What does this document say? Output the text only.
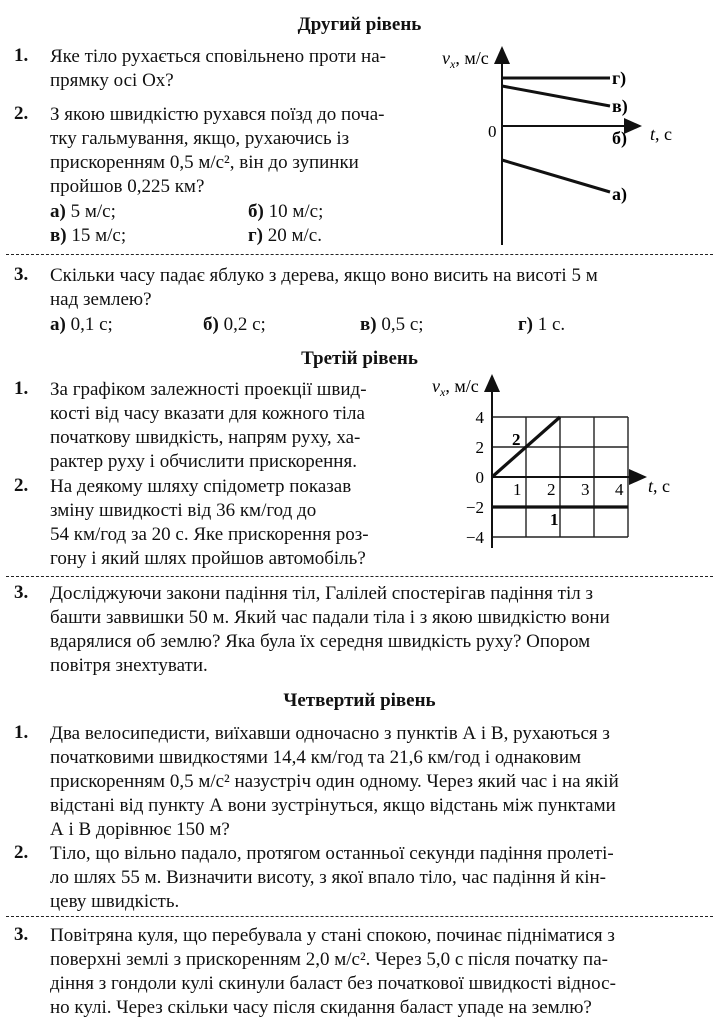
Другий рівень
1. Яке тіло рухається сповільнено проти на-
прямку осі Ox?
2. З якою швидкістю рухався поїзд до поча-
тку гальмування, якщо, рухаючись із
прискоренням 0,5 м/с², він до зупинки
пройшов 0,225 км?
а) 5 м/с;	б) 10 м/с;
в) 15 м/с;	г) 20 м/с.
$v_x$, м/с
0	t, с
г)
в)
б)
а)
3. Скільки часу падає яблуко з дерева, якщо воно висить на висоті 5 м
над землею?
а) 0,1 с;	б) 0,2 с;	в) 0,5 с;	г) 1 с.
Третій рівень
1. За графіком залежності проекції швид-
кості від часу вказати для кожного тіла
початкову швидкість, напрям руху, ха-
рактер руху і обчислити прискорення.
2. На деякому шляху спідометр показав
зміну швидкості від 36 км/год до
54 км/год за 20 с. Яке прискорення роз-
гону і який шлях пройшов автомобіль?
$v_x$, м/с
t, с
1 2 3 4
4
2
0
−2
−4
1
2
3. Досліджуючи закони падіння тіл, Галілей спостерігав падіння тіл з
башти заввишки 50 м. Який час падали тіла і з якою швидкістю вони
вдарялися об землю? Яка була їх середня швидкість руху? Опором
повітря знехтувати.
Четвертий рівень
1. Два велосипедисти, виїхавши одночасно з пунктів А і В, рухаються з
початковими швидкостями 14,4 км/год та 21,6 км/год і однаковим
прискоренням 0,5 м/с² назустріч один одному. Через який час і на якій
відстані від пункту А вони зустрінуться, якщо відстань між пунктами
А і В дорівнює 150 м?
2. Тіло, що вільно падало, протягом останньої секунди падіння пролеті-
ло шлях 55 м. Визначити висоту, з якої впало тіло, час падіння й кін-
цеву швидкість.
3. Повітряна куля, що перебувала у стані спокою, починає підніматися з
поверхні землі з прискоренням 2,0 м/с². Через 5,0 с після початку па-
діння з гондоли кулі скинули баласт без початкової швидкості віднос-
но кулі. Через скільки часу після скидання баласт упаде на землю?
